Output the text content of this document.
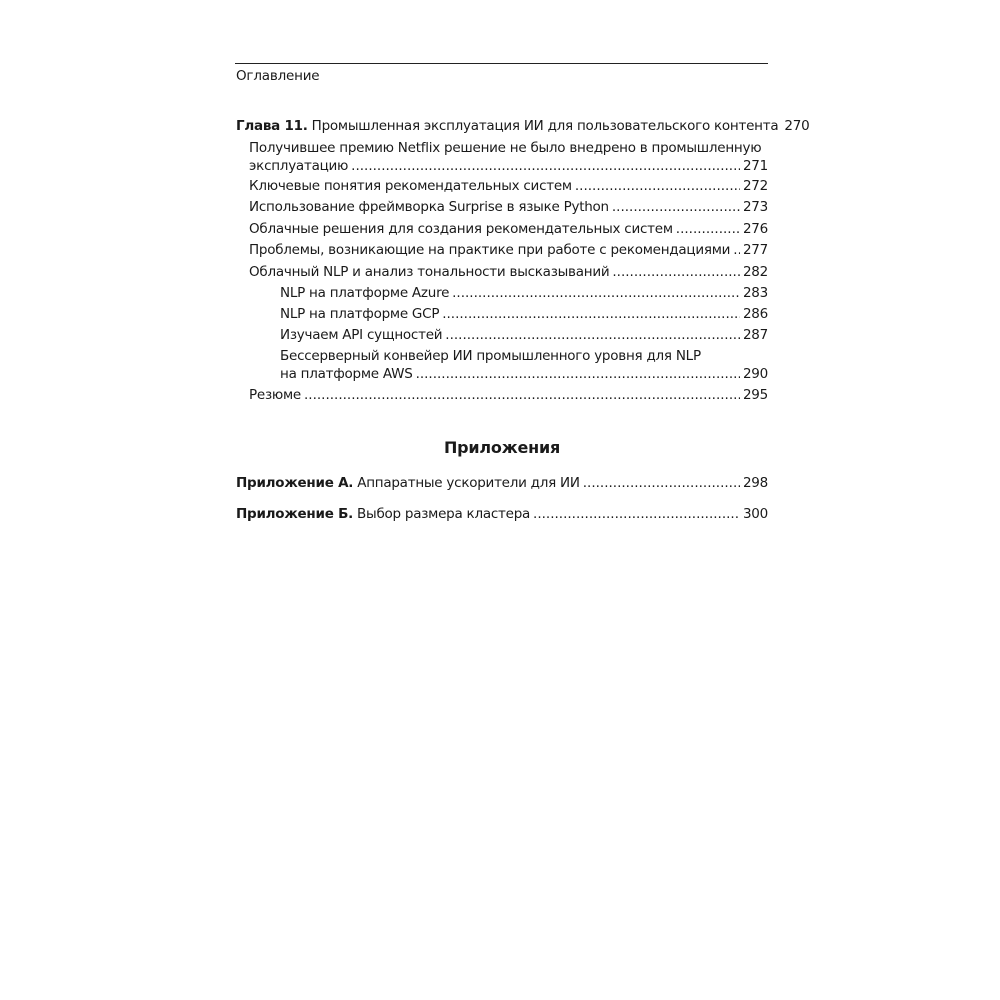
Оглавление
Глава 11. Промышленная эксплуатация ИИ для пользовательского контента 270
Получившее премию Netflix решение не было внедрено в промышленную
эксплуатацию .....	271
Ключевые понятия рекомендательных систем .....	272
Использование фреймворка Surprise в языке Python .....	273
Облачные решения для создания рекомендательных систем .....	276
Проблемы, возникающие на практике при работе с рекомендациями ..... 277
Облачный NLP и анализ тональности высказываний .....	282
NLP на платформе Azure .....	283
NLP на платформе GCP .....	286
Изучаем API сущностей .....	287
Бессерверный конвейер ИИ промышленного уровня для NLP
на платформе AWS .....	290
Резюме .....	295
Приложения
Приложение А. Аппаратные ускорители для ИИ .....	298
Приложение Б. Выбор размера кластера .....	300
